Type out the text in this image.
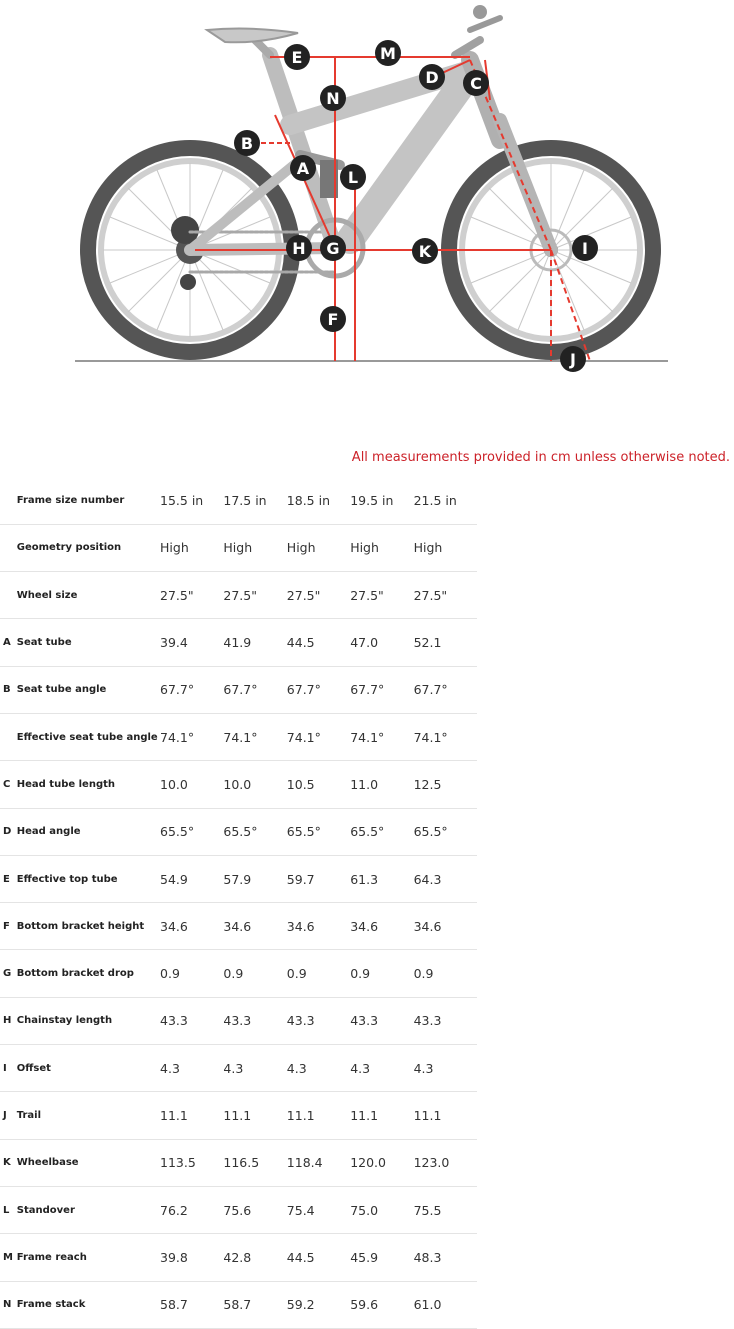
A
B
C
D
E
F
G
H	I
J
K
L
M
N
All measurements provided in cm unless otherwise noted.
	Frame size number	15.5 in	17.5 in	18.5 in	19.5 in	21.5 in
	Geometry position	High	High	High	High	High
	Wheel size	27.5"	27.5"	27.5"	27.5"	27.5"
A	Seat tube	39.4	41.9	44.5	47.0	52.1
B	Seat tube angle	67.7°	67.7°	67.7°	67.7°	67.7°
	Effective seat tube angle	74.1°	74.1°	74.1°	74.1°	74.1°
C	Head tube length	10.0	10.0	10.5	11.0	12.5
D	Head angle	65.5°	65.5°	65.5°	65.5°	65.5°
E	Effective top tube	54.9	57.9	59.7	61.3	64.3
F	Bottom bracket height	34.6	34.6	34.6	34.6	34.6
G	Bottom bracket drop	0.9	0.9	0.9	0.9	0.9
H	Chainstay length	43.3	43.3	43.3	43.3	43.3
I	Offset	4.3	4.3	4.3	4.3	4.3
J	Trail	11.1	11.1	11.1	11.1	11.1
K	Wheelbase	113.5	116.5	118.4	120.0	123.0
L	Standover	76.2	75.6	75.4	75.0	75.5
M	Frame reach	39.8	42.8	44.5	45.9	48.3
N	Frame stack	58.7	58.7	59.2	59.6	61.0
